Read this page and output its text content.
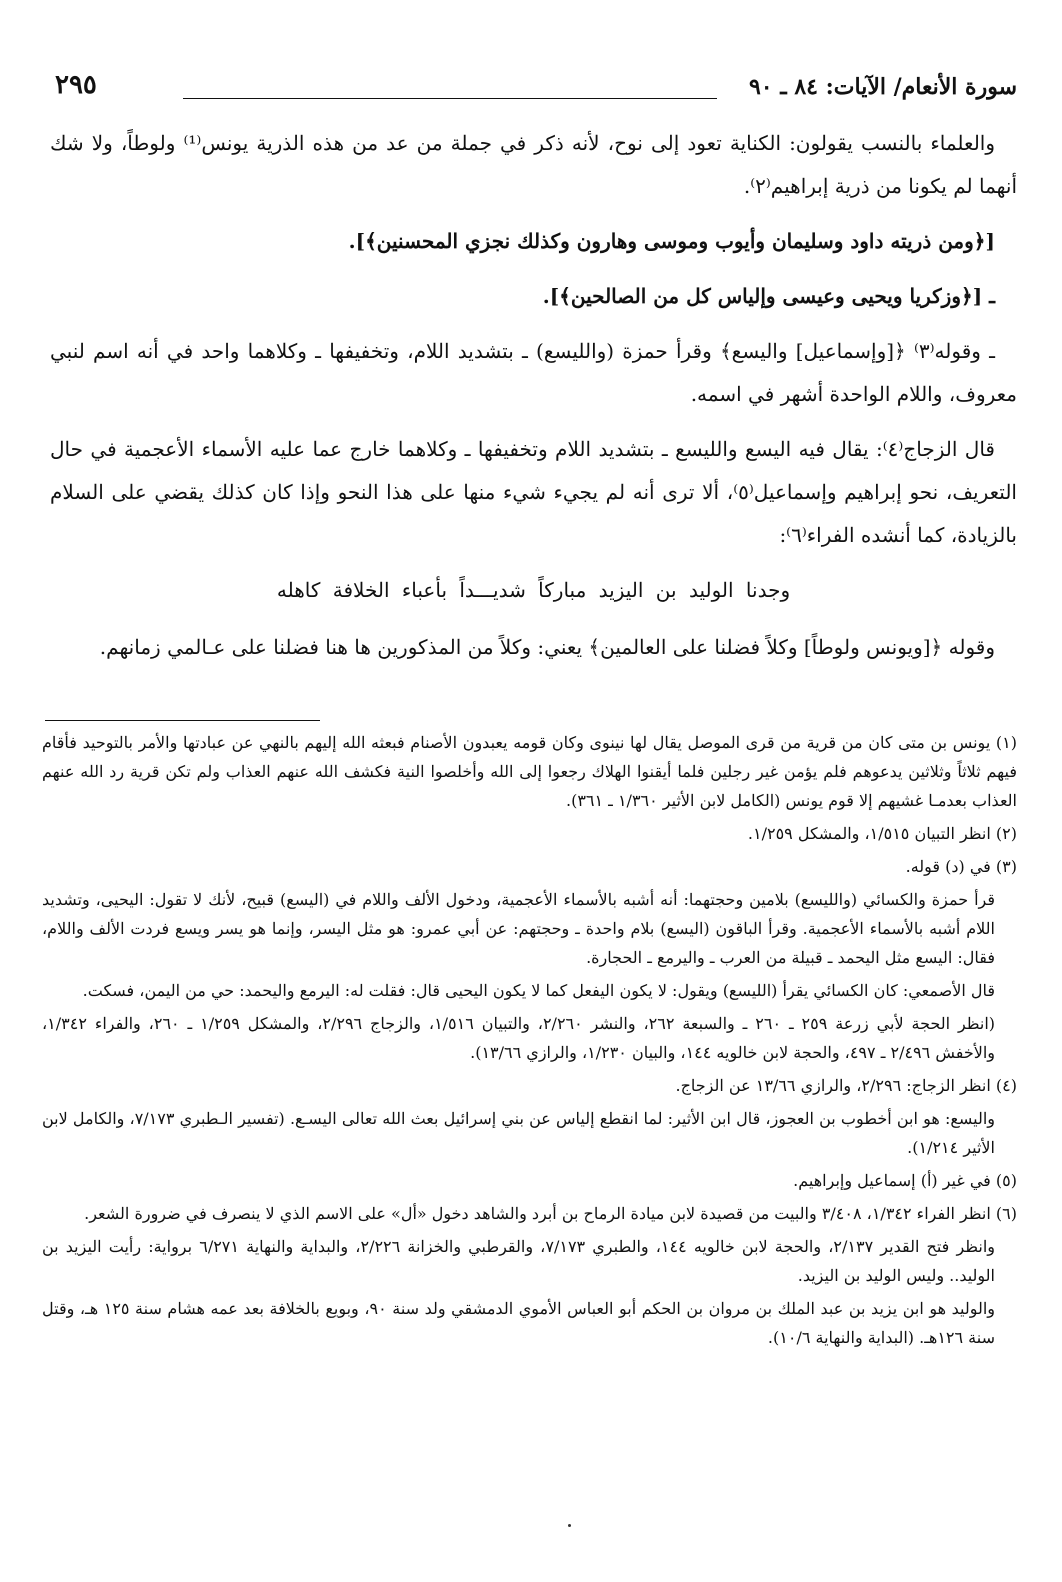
سورة الأنعام/ الآيات: ٨٤ ـ ٩٠
٢٩٥

والعلماء بالنسب يقولون: الكناية تعود إلى نوح، لأنه ذكر في جملة من عد من هذه الذرية يونس⁽¹⁾ ولوطاً، ولا شك أنهما لم يكونا من ذرية إبراهيم⁽٢⁾.

[﴿ومن ذريته داود وسليمان وأيوب وموسى وهارون وكذلك نجزي المحسنين﴾].

ـ [﴿وزكريا ويحيى وعيسى وإلياس كل من الصالحين﴾].

ـ وقوله⁽٣⁾ ﴿[وإسماعيل] واليسع﴾ وقرأ حمزة (والليسع) ـ بتشديد اللام، وتخفيفها ـ وكلاهما واحد في أنه اسم لنبي معروف، واللام الواحدة أشهر في اسمه.

قال الزجاج⁽٤⁾: يقال فيه اليسع والليسع ـ بتشديد اللام وتخفيفها ـ وكلاهما خارج عما عليه الأسماء الأعجمية في حال التعريف، نحو إبراهيم وإسماعيل⁽٥⁾، ألا ترى أنه لم يجيء شيء منها على هذا النحو وإذا كان كذلك يقضي على السلام بالزيادة، كما أنشده الفراء⁽٦⁾:

وجدنا الوليد بن اليزيد مباركاً شديـــداً بأعباء الخلافة كاهله

وقوله ﴿[ويونس ولوطاً] وكلاً فضلنا على العالمين﴾ يعني: وكلاً من المذكورين ها هنا فضلنا على عـالمي زمانهم.

(١) يونس بن متى كان من قرية من قرى الموصل يقال لها نينوى وكان قومه يعبدون الأصنام فبعثه الله إليهم بالنهي عن عبادتها والأمر بالتوحيد فأقام فيهم ثلاثاً وثلاثين يدعوهم فلم يؤمن غير رجلين فلما أيقنوا الهلاك رجعوا إلى الله وأخلصوا النية فكشف الله عنهم العذاب ولم تكن قرية رد الله عنهم العذاب بعدمـا غشيهم إلا قوم يونس (الكامل لابن الأثير ١/٣٦٠ ـ ٣٦١).

(٢) انظر التبيان ١/٥١٥، والمشكل ١/٢٥٩.

(٣) في (د) قوله.

قرأ حمزة والكسائي (والليسع) بلامين وحجتهما: أنه أشبه بالأسماء الأعجمية، ودخول الألف واللام في (اليسع) قبيح، لأنك لا تقول: اليحيى، وتشديد اللام أشبه بالأسماء الأعجمية. وقرأ الباقون (اليسع) بلام واحدة ـ وحجتهم: عن أبي عمرو: هو مثل اليسر، وإنما هو يسر ويسع فردت الألف واللام، فقال: اليسع مثل اليحمد ـ قبيلة من العرب ـ واليرمع ـ الحجارة.

قال الأصمعي: كان الكسائي يقرأ (الليسع) ويقول: لا يكون اليفعل كما لا يكون اليحيى قال: فقلت له: اليرمع واليحمد: حي من اليمن، فسكت.

(انظر الحجة لأبي زرعة ٢٥٩ ـ ٢٦٠ ـ والسبعة ٢٦٢، والنشر ٢/٢٦٠، والتبيان ١/٥١٦، والزجاج ٢/٢٩٦، والمشكل ١/٢٥٩ ـ ٢٦٠، والفراء ١/٣٤٢، والأخفش ٢/٤٩٦ ـ ٤٩٧، والحجة لابن خالويه ١٤٤، والبيان ١/٢٣٠، والرازي ١٣/٦٦).

(٤) انظر الزجاج: ٢/٢٩٦، والرازي ١٣/٦٦ عن الزجاج.

واليسع: هو ابن أخطوب بن العجوز، قال ابن الأثير: لما انقطع إلياس عن بني إسرائيل بعث الله تعالى اليسـع. (تفسير الـطبري ٧/١٧٣، والكامل لابن الأثير ١/٢١٤).

(٥) في غير (أ) إسماعيل وإبراهيم.

(٦) انظر الفراء ١/٣٤٢، ٣/٤٠٨ والبيت من قصيدة لابن ميادة الرماح بن أبرد والشاهد دخول «أل» على الاسم الذي لا ينصرف في ضرورة الشعر.

وانظر فتح القدير ٢/١٣٧، والحجة لابن خالويه ١٤٤، والطبري ٧/١٧٣، والقرطبي والخزانة ٢/٢٢٦، والبداية والنهاية ٦/٢٧١ برواية: رأيت اليزيد بن الوليد.. وليس الوليد بن اليزيد.

والوليد هو ابن يزيد بن عبد الملك بن مروان بن الحكم أبو العباس الأموي الدمشقي ولد سنة ٩٠، وبويع بالخلافة بعد عمه هشام سنة ١٢٥ هـ، وقتل سنة ١٢٦هـ. (البداية والنهاية ١٠/٦).
